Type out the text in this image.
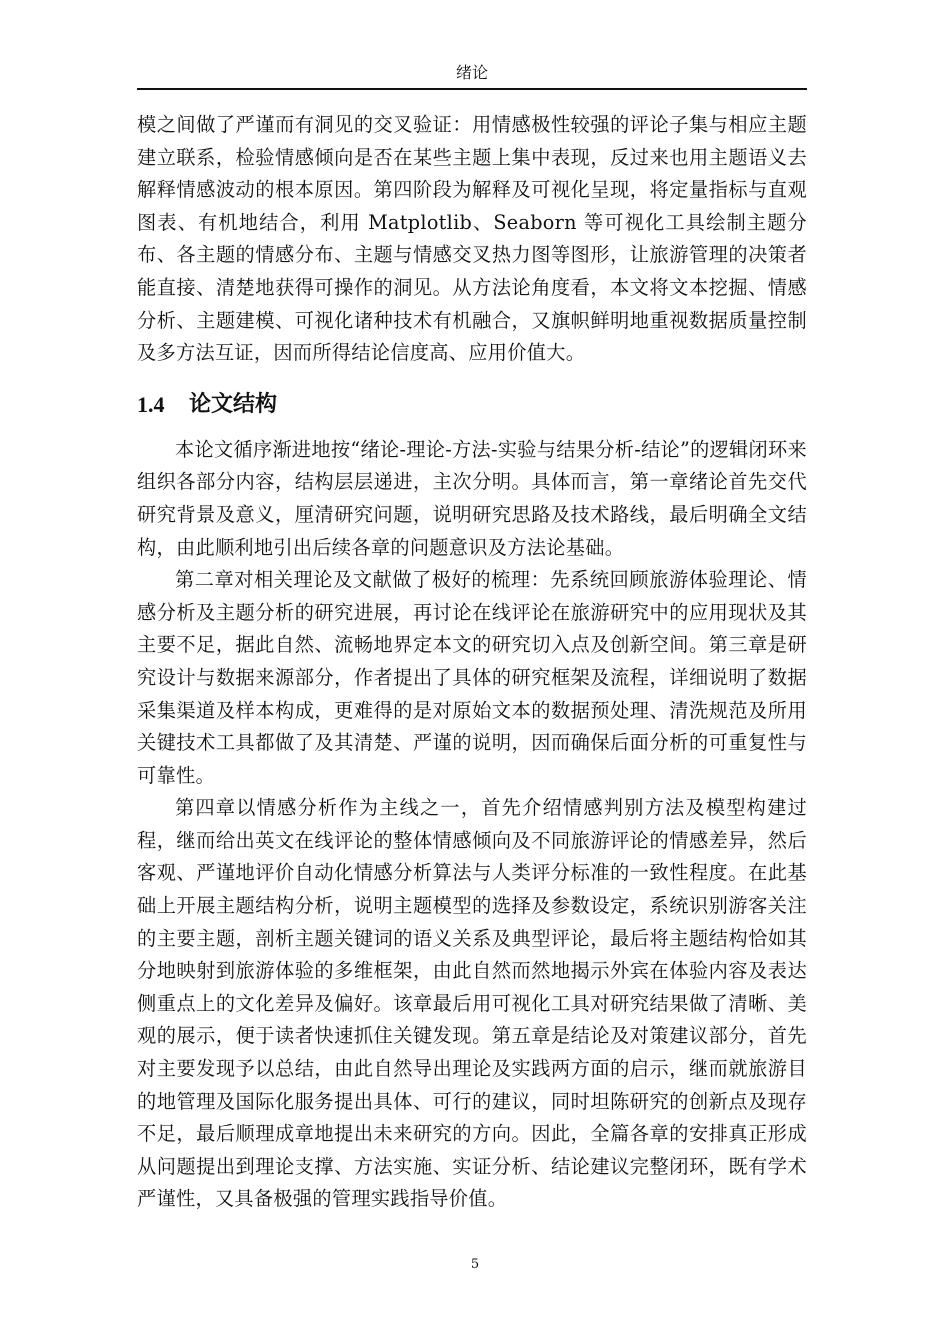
绪论

模之间做了严谨而有洞见的交叉验证：用情感极性较强的评论子集与相应主题建立联系，检验情感倾向是否在某些主题上集中表现，反过来也用主题语义去解释情感波动的根本原因。第四阶段为解释及可视化呈现，将定量指标与直观图表、有机地结合，利用 Matplotlib、Seaborn 等可视化工具绘制主题分布、各主题的情感分布、主题与情感交叉热力图等图形，让旅游管理的决策者能直接、清楚地获得可操作的洞见。从方法论角度看，本文将文本挖掘、情感分析、主题建模、可视化诸种技术有机融合，又旗帜鲜明地重视数据质量控制及多方法互证，因而所得结论信度高、应用价值大。

1.4	论文结构

本论文循序渐进地按“绪论-理论-方法-实验与结果分析-结论”的逻辑闭环来组织各部分内容，结构层层递进，主次分明。具体而言，第一章绪论首先交代研究背景及意义，厘清研究问题，说明研究思路及技术路线，最后明确全文结构，由此顺利地引出后续各章的问题意识及方法论基础。

第二章对相关理论及文献做了极好的梳理：先系统回顾旅游体验理论、情感分析及主题分析的研究进展，再讨论在线评论在旅游研究中的应用现状及其主要不足，据此自然、流畅地界定本文的研究切入点及创新空间。第三章是研究设计与数据来源部分，作者提出了具体的研究框架及流程，详细说明了数据采集渠道及样本构成，更难得的是对原始文本的数据预处理、清洗规范及所用关键技术工具都做了及其清楚、严谨的说明，因而确保后面分析的可重复性与可靠性。

第四章以情感分析作为主线之一，首先介绍情感判别方法及模型构建过程，继而给出英文在线评论的整体情感倾向及不同旅游评论的情感差异，然后客观、严谨地评价自动化情感分析算法与人类评分标准的一致性程度。在此基础上开展主题结构分析，说明主题模型的选择及参数设定，系统识别游客关注的主要主题，剖析主题关键词的语义关系及典型评论，最后将主题结构恰如其分地映射到旅游体验的多维框架，由此自然而然地揭示外宾在体验内容及表达侧重点上的文化差异及偏好。该章最后用可视化工具对研究结果做了清晰、美观的展示，便于读者快速抓住关键发现。第五章是结论及对策建议部分，首先对主要发现予以总结，由此自然导出理论及实践两方面的启示，继而就旅游目的地管理及国际化服务提出具体、可行的建议，同时坦陈研究的创新点及现存不足，最后顺理成章地提出未来研究的方向。因此，全篇各章的安排真正形成从问题提出到理论支撑、方法实施、实证分析、结论建议完整闭环，既有学术严谨性，又具备极强的管理实践指导价值。

5
